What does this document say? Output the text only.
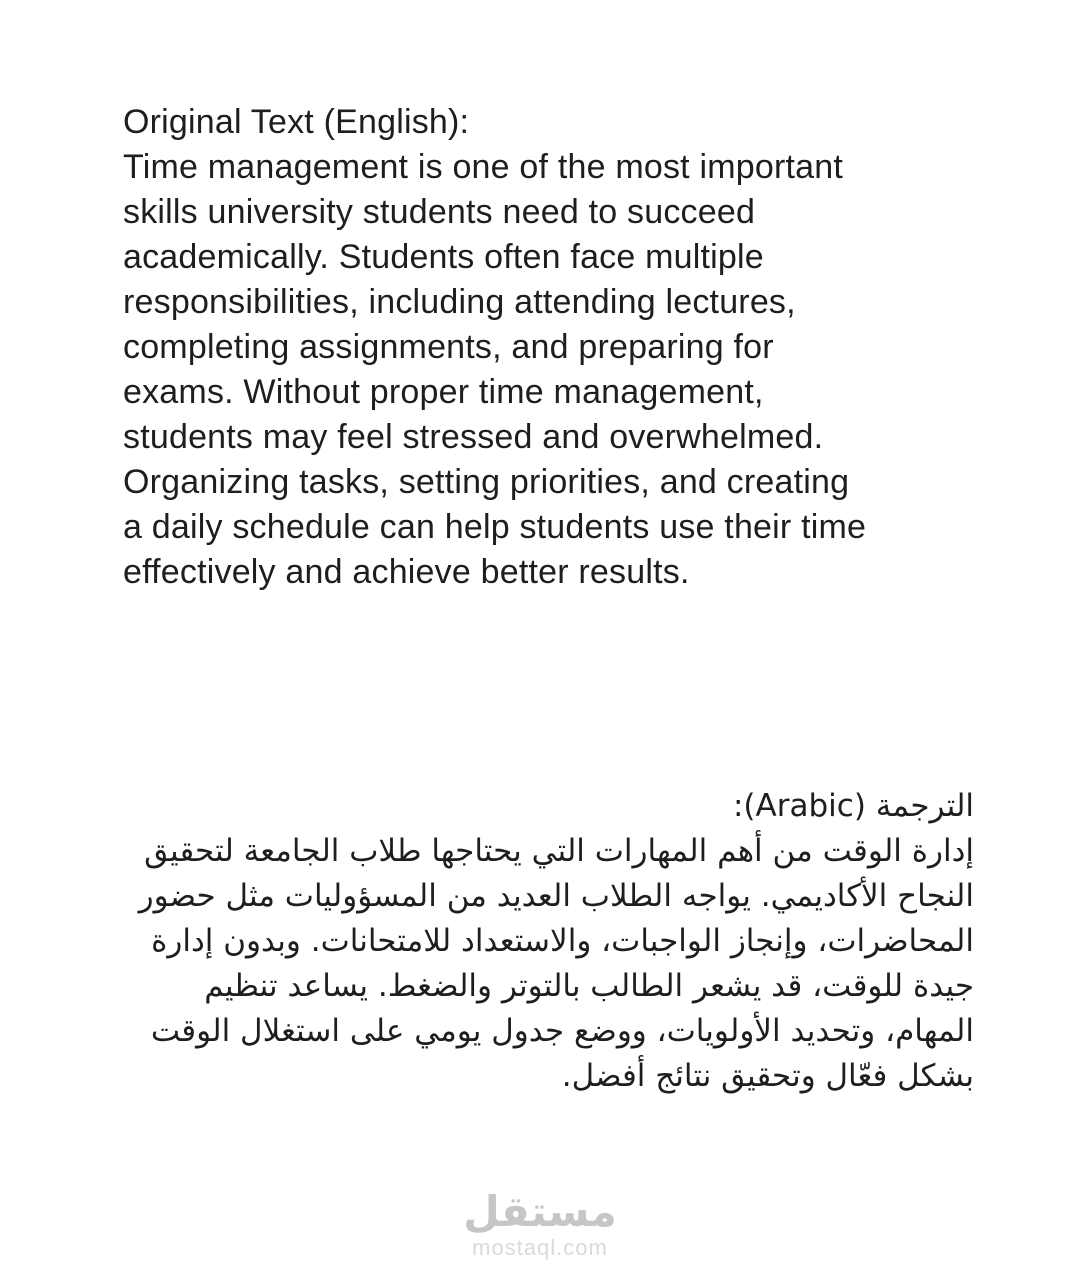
Original Text (English):
Time management is one of the most important skills university students need to succeed academically. Students often face multiple responsibilities, including attending lectures, completing assignments, and preparing for exams. Without proper time management, students may feel stressed and overwhelmed. Organizing tasks, setting priorities, and creating a daily schedule can help students use their time effectively and achieve better results.
الترجمة (Arabic):
إدارة الوقت من أهم المهارات التي يحتاجها طلاب الجامعة لتحقيق النجاح الأكاديمي. يواجه الطلاب العديد من المسؤوليات مثل حضور المحاضرات، وإنجاز الواجبات، والاستعداد للامتحانات. وبدون إدارة جيدة للوقت، قد يشعر الطالب بالتوتر والضغط. يساعد تنظيم المهام، وتحديد الأولويات، ووضع جدول يومي على استغلال الوقت بشكل فعّال وتحقيق نتائج أفضل.
مستقل
mostaql.com
